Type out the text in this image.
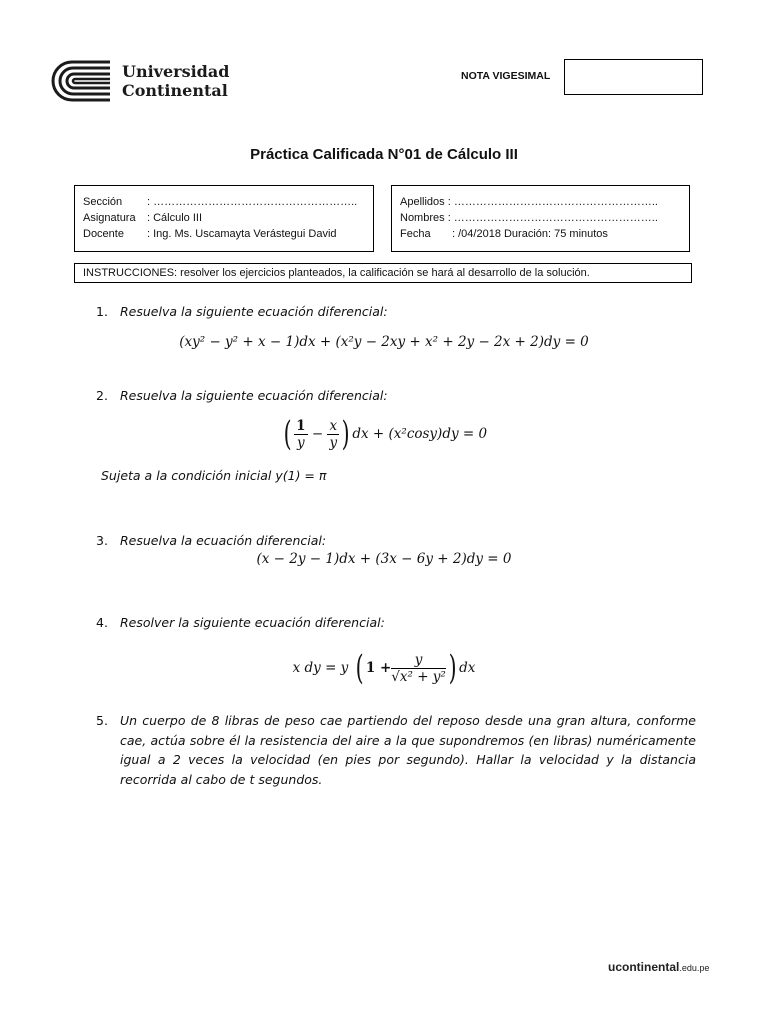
Universidad
Continental
NOTA VIGESIMAL
Práctica Calificada N°01 de Cálculo III
Sección : ………………………………………………..
Asignatura : Cálculo III
Docente : Ing. Ms. Uscamayta Verástegui David
Apellidos : ………………………………………………..
Nombres : ………………………………………………..
Fecha : /04/2018 Duración: 75 minutos
INSTRUCCIONES: resolver los ejercicios planteados, la calificación se hará al desarrollo de la solución.
1. Resuelva la siguiente ecuación diferencial:
(xy² − y² + x − 1)dx + (x²y − 2xy + x² + 2y − 2x + 2)dy = 0
2. Resuelva la siguiente ecuación diferencial:
( $\frac{1}{y} - \frac{x}{y}$ ) dx + (x²cosy)dy = 0
Sujeta a la condición inicial y(1) = π
3. Resuelva la ecuación diferencial:
(x − 2y − 1)dx + (3x − 6y + 2)dy = 0
4. Resolver la siguiente ecuación diferencial:
x dy = y ( $1 + \frac{y}{\text{√x² + y²}}$ ) dx
5. Un cuerpo de 8 libras de peso cae partiendo del reposo desde una gran altura, conforme cae, actúa sobre él la resistencia del aire a la que supondremos (en libras) numéricamente igual a 2 veces la velocidad (en pies por segundo). Hallar la velocidad y la distancia recorrida al cabo de t segundos.
ucontinental.edu.pe
